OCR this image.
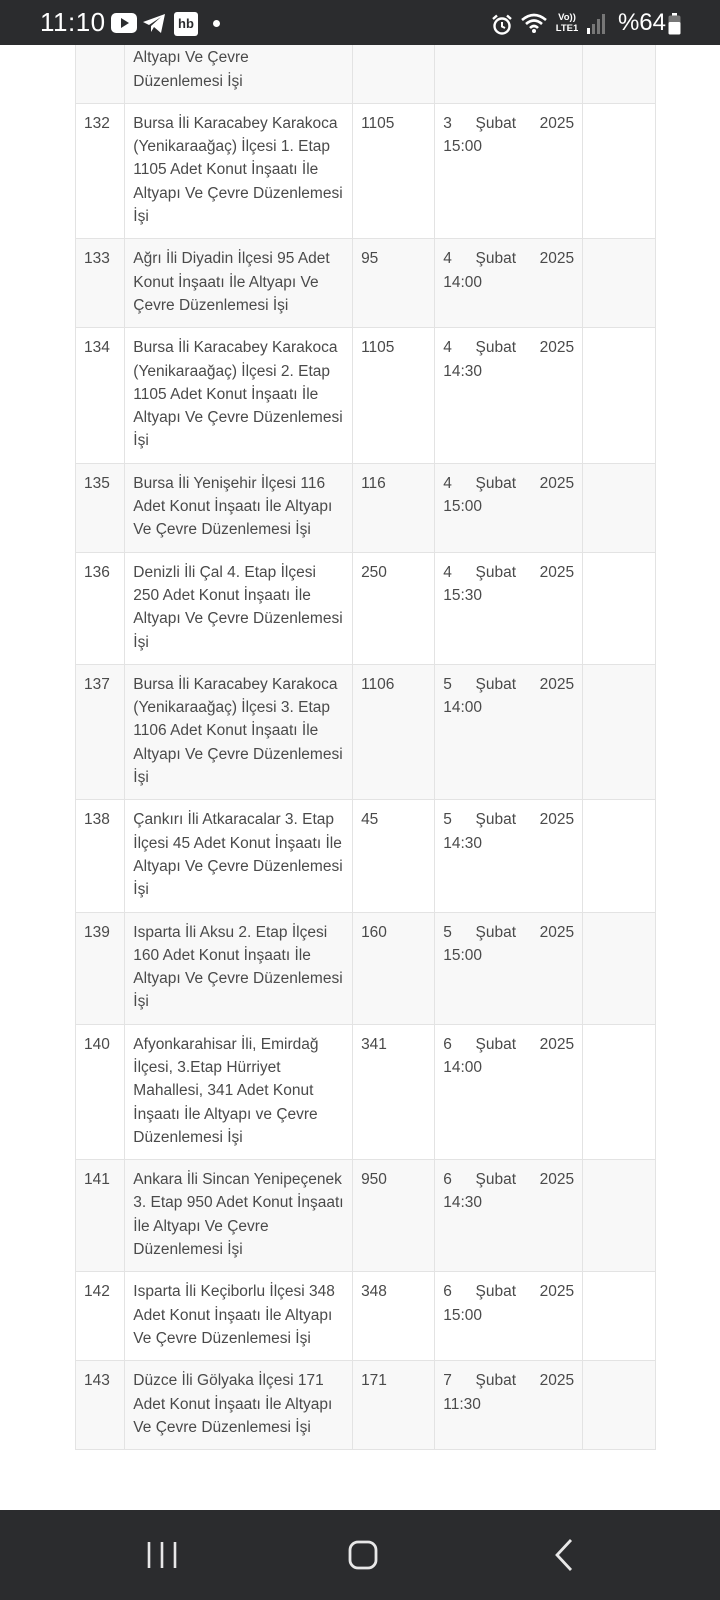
11:10	hb	Vo))
LTE1 %64

	Altyapı Ve Çevre
Düzenlemesi İşi

132	Bursa İli Karacabey Karakoca (Yenikaraağaç) İlçesi 1. Etap 1105 Adet Konut İnşaatı İle Altyapı Ve Çevre Düzenlemesi İşi	1105	3 Şubat 2025
15:00	

133	Ağrı İli Diyadin İlçesi 95 Adet Konut İnşaatı İle Altyapı Ve Çevre Düzenlemesi İşi	95	4 Şubat 2025
14:00	

134	Bursa İli Karacabey Karakoca (Yenikaraağaç) İlçesi 2. Etap 1105 Adet Konut İnşaatı İle Altyapı Ve Çevre Düzenlemesi İşi	1105	4 Şubat 2025
14:30	

135	Bursa İli Yenişehir İlçesi 116 Adet Konut İnşaatı İle Altyapı Ve Çevre Düzenlemesi İşi	116	4 Şubat 2025
15:00	

136	Denizli İli Çal 4. Etap İlçesi 250 Adet Konut İnşaatı İle Altyapı Ve Çevre Düzenlemesi İşi	250	4 Şubat 2025
15:30	

137	Bursa İli Karacabey Karakoca (Yenikaraağaç) İlçesi 3. Etap 1106 Adet Konut İnşaatı İle Altyapı Ve Çevre Düzenlemesi İşi	1106	5 Şubat 2025
14:00	

138	Çankırı İli Atkaracalar 3. Etap İlçesi 45 Adet Konut İnşaatı İle Altyapı Ve Çevre Düzenlemesi İşi	45	5 Şubat 2025
14:30	

139	Isparta İli Aksu 2. Etap İlçesi 160 Adet Konut İnşaatı İle Altyapı Ve Çevre Düzenlemesi İşi	160	5 Şubat 2025
15:00	

140	Afyonkarahisar İli, Emirdağ İlçesi, 3.Etap Hürriyet Mahallesi, 341 Adet Konut İnşaatı İle Altyapı ve Çevre Düzenlemesi İşi	341	6 Şubat 2025
14:00	

141	Ankara İli Sincan Yenipeçenek 3. Etap 950 Adet Konut İnşaatı İle Altyapı Ve Çevre Düzenlemesi İşi	950	6 Şubat 2025
14:30	

142	Isparta İli Keçiborlu İlçesi 348 Adet Konut İnşaatı İle Altyapı Ve Çevre Düzenlemesi İşi	348	6 Şubat 2025
15:00	

143	Düzce İli Gölyaka İlçesi 171 Adet Konut İnşaatı İle Altyapı Ve Çevre Düzenlemesi İşi	171	7 Şubat 2025
11:30	
